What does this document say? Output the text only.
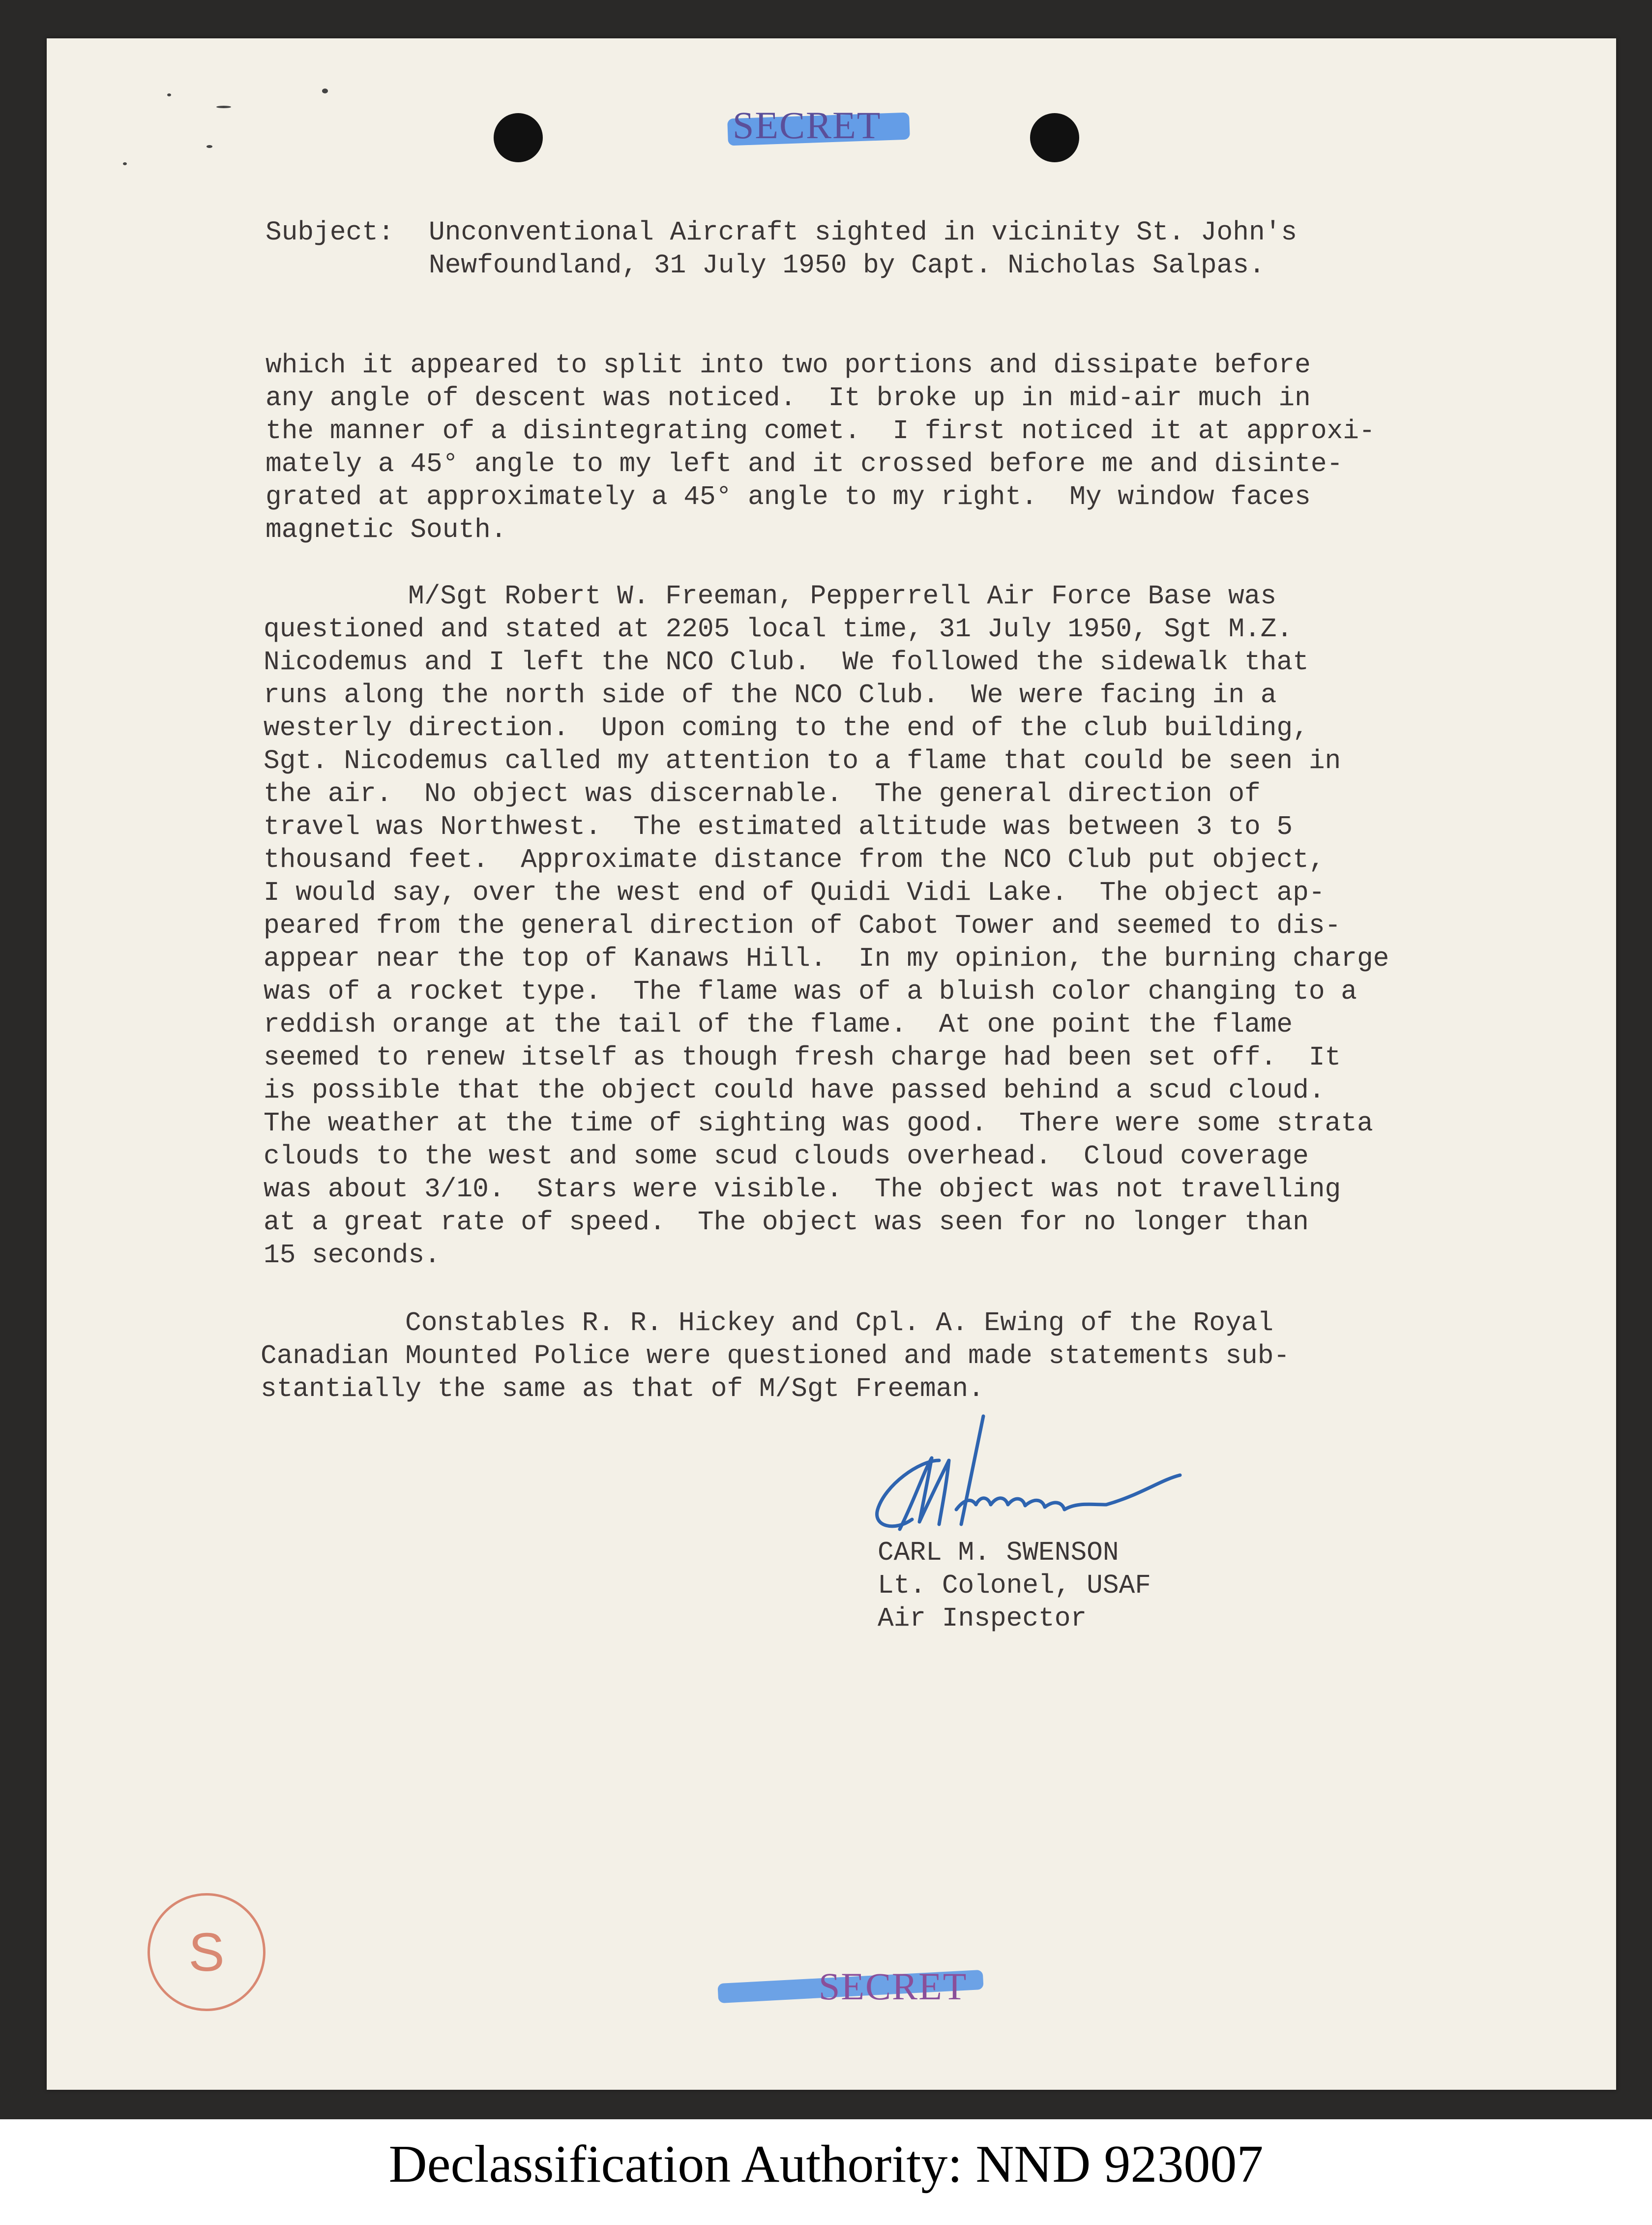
SECRET
Subject: Unconventional Aircraft sighted in vicinity St. John's
Newfoundland, 31 July 1950 by Capt. Nicholas Salpas.
which it appeared to split into two portions and dissipate before
any angle of descent was noticed.  It broke up in mid-air much in
the manner of a disintegrating comet.  I first noticed it at approxi-
mately a 45° angle to my left and it crossed before me and disinte-
grated at approximately a 45° angle to my right.  My window faces
magnetic South.
M/Sgt Robert W. Freeman, Pepperrell Air Force Base was
questioned and stated at 2205 local time, 31 July 1950, Sgt M.Z.
Nicodemus and I left the NCO Club.  We followed the sidewalk that
runs along the north side of the NCO Club.  We were facing in a
westerly direction.  Upon coming to the end of the club building,
Sgt. Nicodemus called my attention to a flame that could be seen in
the air.  No object was discernable.  The general direction of
travel was Northwest.  The estimated altitude was between 3 to 5
thousand feet.  Approximate distance from the NCO Club put object,
I would say, over the west end of Quidi Vidi Lake.  The object ap-
peared from the general direction of Cabot Tower and seemed to dis-
appear near the top of Kanaws Hill.  In my opinion, the burning charge
was of a rocket type.  The flame was of a bluish color changing to a
reddish orange at the tail of the flame.  At one point the flame
seemed to renew itself as though fresh charge had been set off.  It
is possible that the object could have passed behind a scud cloud.
The weather at the time of sighting was good.  There were some strata
clouds to the west and some scud clouds overhead.  Cloud coverage
was about 3/10.  Stars were visible.  The object was not travelling
at a great rate of speed.  The object was seen for no longer than
15 seconds.
Constables R. R. Hickey and Cpl. A. Ewing of the Royal
Canadian Mounted Police were questioned and made statements sub-
stantially the same as that of M/Sgt Freeman.
CARL M. SWENSON
Lt. Colonel, USAF
Air Inspector
S
SECRET
Declassification Authority: NND 923007
